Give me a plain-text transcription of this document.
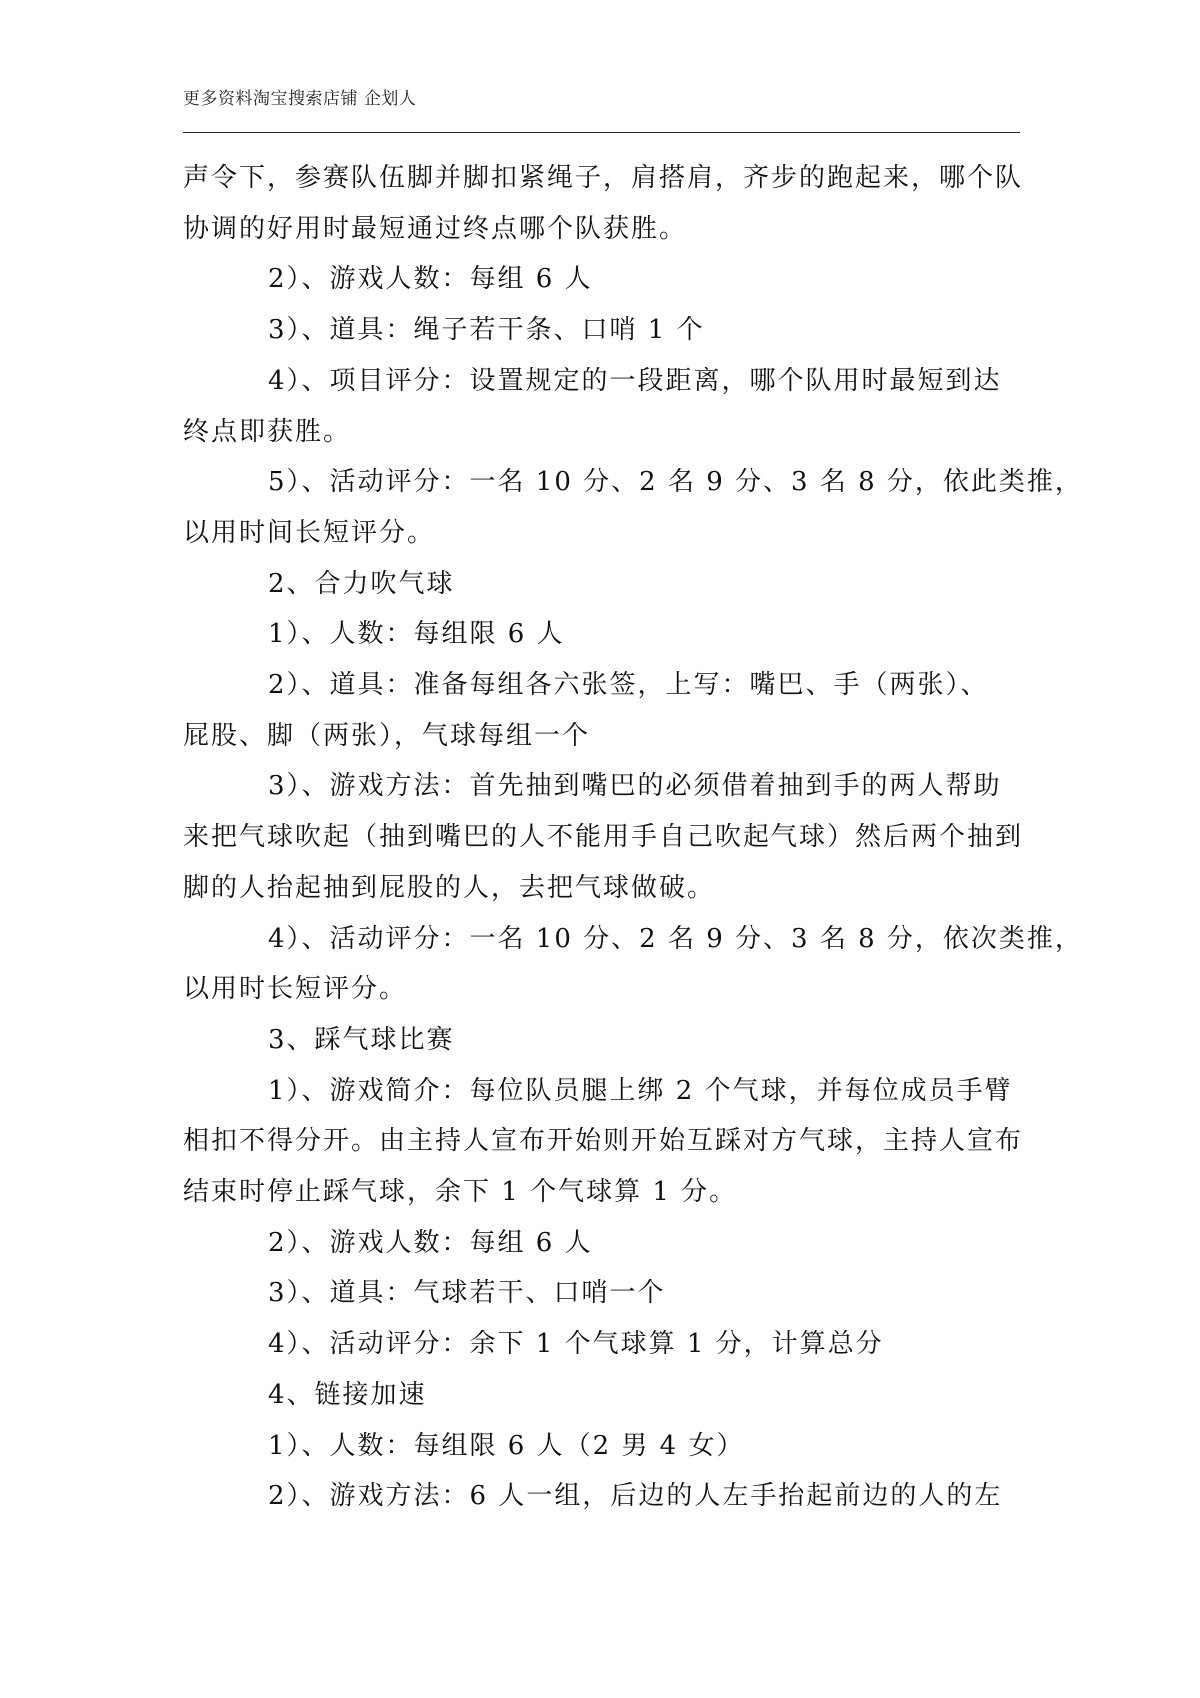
更多资料淘宝搜索店铺 企划人

声令下，参赛队伍脚并脚扣紧绳子，肩搭肩，齐步的跑起来，哪个队

协调的好用时最短通过终点哪个队获胜。

2）、游戏人数：每组 6 人

3）、道具：绳子若干条、口哨 1 个

4）、项目评分：设置规定的一段距离，哪个队用时最短到达

终点即获胜。

5）、活动评分：一名 10 分、2 名 9 分、3 名 8 分，依此类推，

以用时间长短评分。

2、合力吹气球

1）、人数：每组限 6 人

2）、道具：准备每组各六张签，上写：嘴巴、手（两张）、

屁股、脚（两张），气球每组一个

3）、游戏方法：首先抽到嘴巴的必须借着抽到手的两人帮助

来把气球吹起（抽到嘴巴的人不能用手自己吹起气球）然后两个抽到

脚的人抬起抽到屁股的人，去把气球做破。

4）、活动评分：一名 10 分、2 名 9 分、3 名 8 分，依次类推，

以用时长短评分。

3、踩气球比赛

1）、游戏简介：每位队员腿上绑 2 个气球，并每位成员手臂

相扣不得分开。由主持人宣布开始则开始互踩对方气球，主持人宣布

结束时停止踩气球，余下 1 个气球算 1 分。

2）、游戏人数：每组 6 人

3）、道具：气球若干、口哨一个

4）、活动评分：余下 1 个气球算 1 分，计算总分

4、链接加速

1）、人数：每组限 6 人（2 男 4 女）

2）、游戏方法：6 人一组，后边的人左手抬起前边的人的左
